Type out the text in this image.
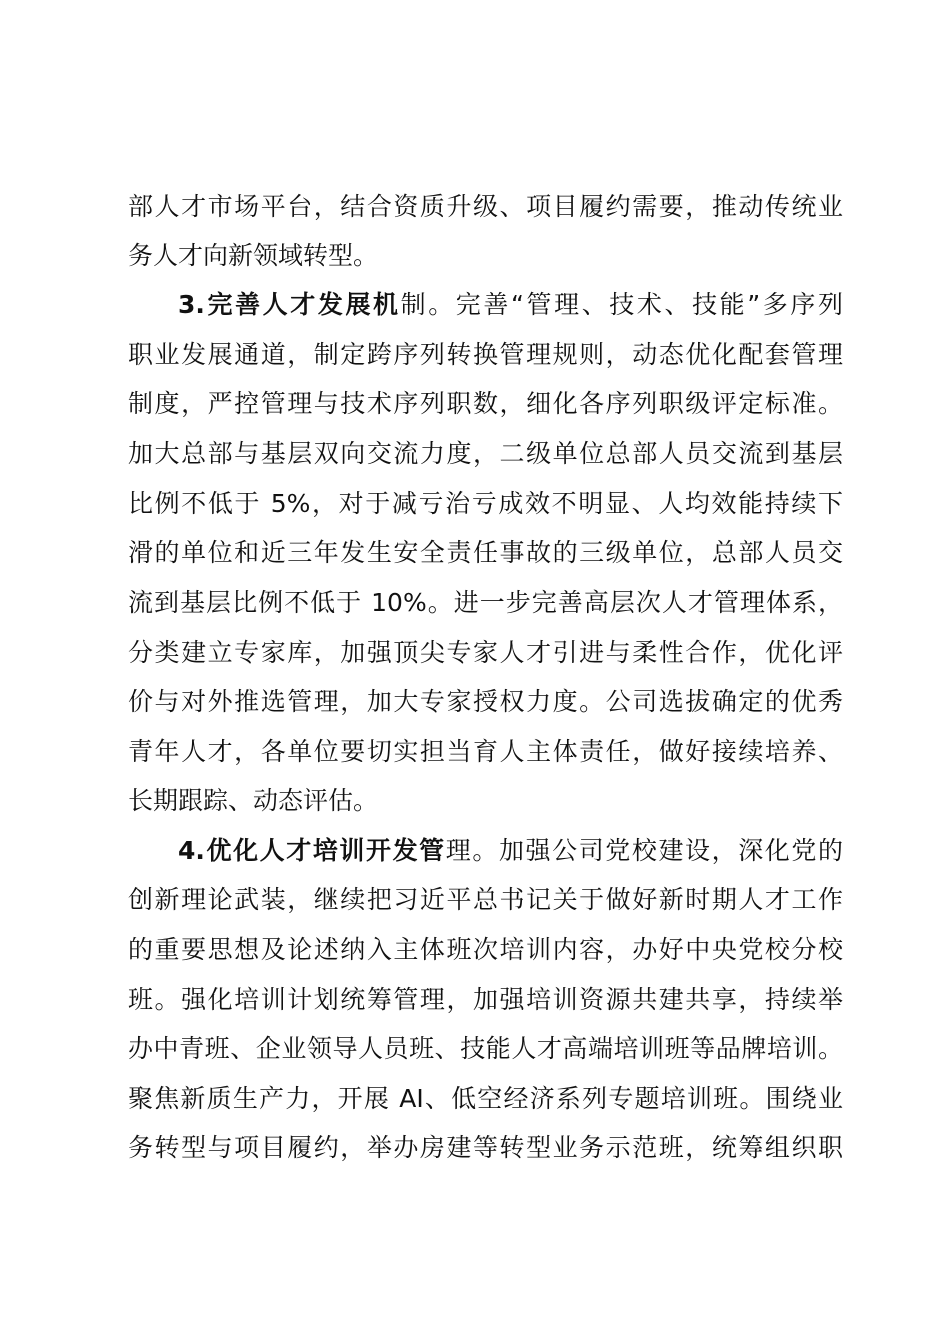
部人才市场平台，结合资质升级、项目履约需要，推动传统业
务人才向新领域转型。
3.完善人才发展机制。完善“管理、技术、技能”多序列
职业发展通道，制定跨序列转换管理规则，动态优化配套管理
制度，严控管理与技术序列职数，细化各序列职级评定标准。
加大总部与基层双向交流力度，二级单位总部人员交流到基层
比例不低于 5%，对于减亏治亏成效不明显、人均效能持续下
滑的单位和近三年发生安全责任事故的三级单位，总部人员交
流到基层比例不低于 10%。进一步完善高层次人才管理体系，
分类建立专家库，加强顶尖专家人才引进与柔性合作，优化评
价与对外推选管理，加大专家授权力度。公司选拔确定的优秀
青年人才，各单位要切实担当育人主体责任，做好接续培养、
长期跟踪、动态评估。
4.优化人才培训开发管理。加强公司党校建设，深化党的
创新理论武装，继续把习近平总书记关于做好新时期人才工作
的重要思想及论述纳入主体班次培训内容，办好中央党校分校
班。强化培训计划统筹管理，加强培训资源共建共享，持续举
办中青班、企业领导人员班、技能人才高端培训班等品牌培训。
聚焦新质生产力，开展 AI、低空经济系列专题培训班。围绕业
务转型与项目履约，举办房建等转型业务示范班，统筹组织职
